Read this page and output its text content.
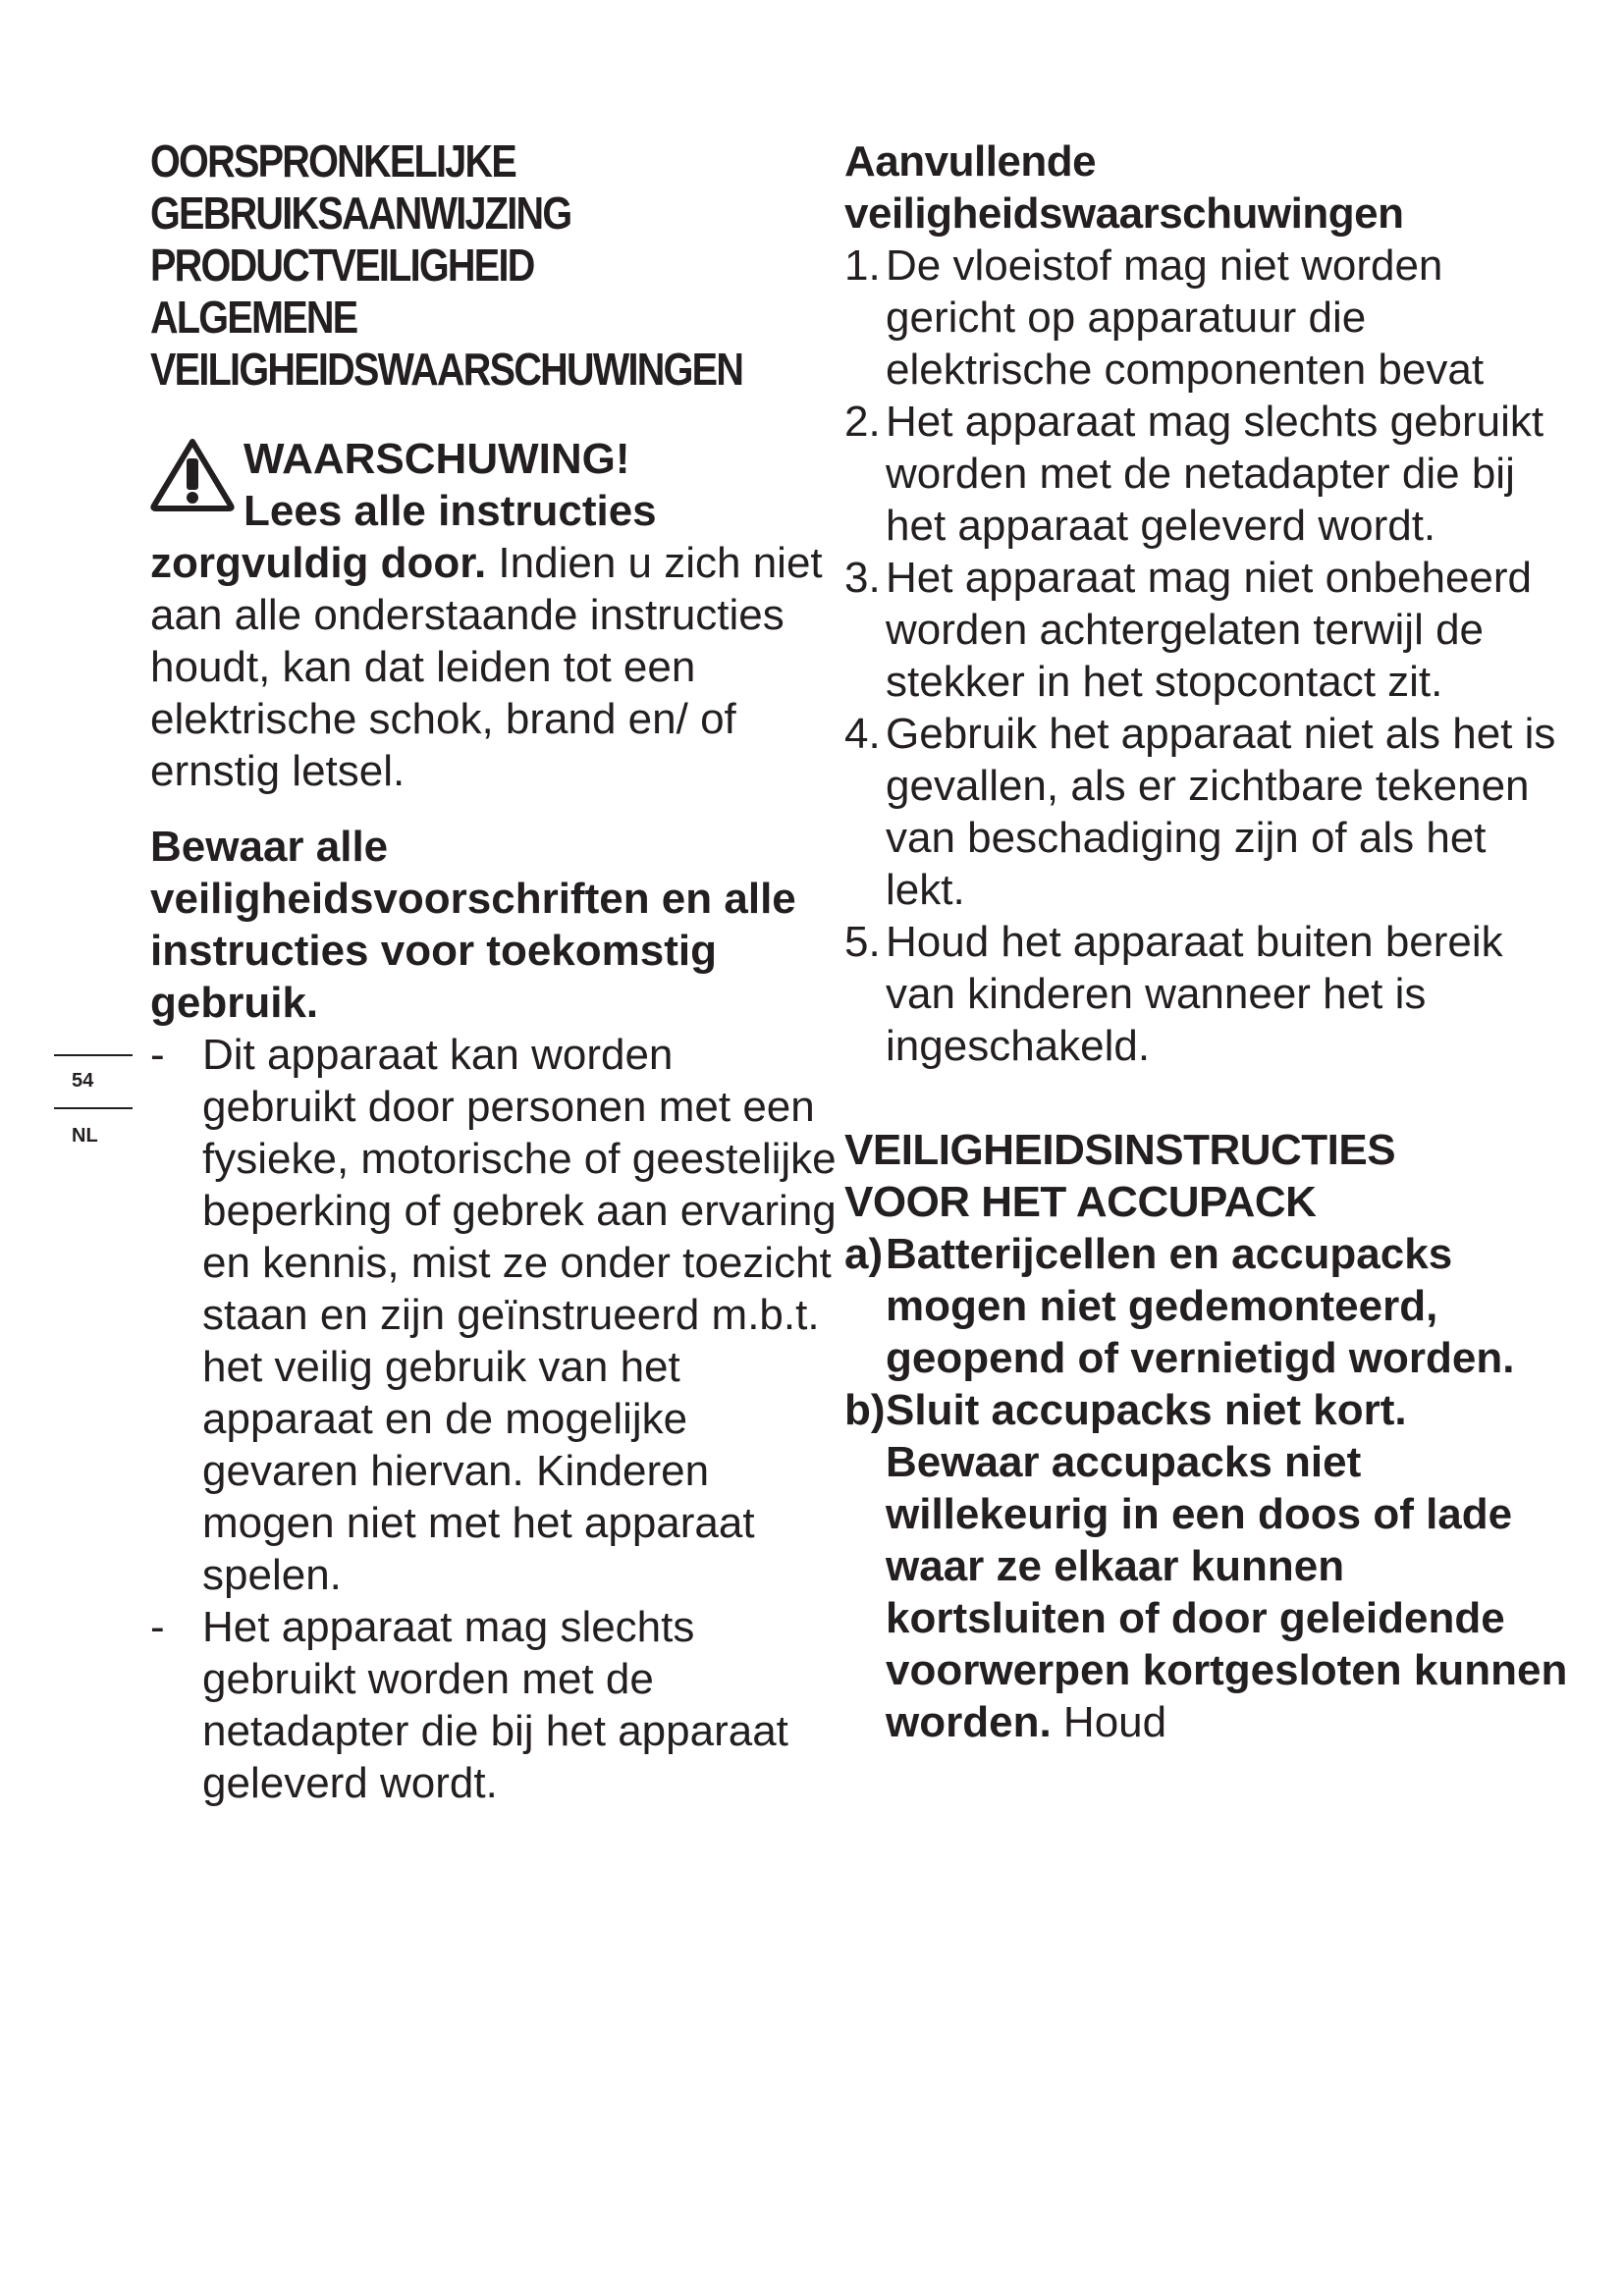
OORSPRONKELIJKE
GEBRUIKSAANWIJZING
PRODUCTVEILIGHEID
ALGEMENE
VEILIGHEIDSWAARSCHUWINGEN
WAARSCHUWING!
Lees alle instructies
zorgvuldig door. Indien u zich niet aan alle onderstaande instructies houdt, kan dat leiden tot een elektrische schok, brand en/ of ernstig letsel.
Bewaar alle veiligheidsvoorschriften en alle instructies voor toekomstig gebruik.
- Dit apparaat kan worden gebruikt door personen met een fysieke, motorische of geestelijke beperking of gebrek aan ervaring en kennis, mist ze onder toezicht staan en zijn geïnstrueerd m.b.t. het veilig gebruik van het apparaat en de mogelijke gevaren hiervan. Kinderen mogen niet met het apparaat spelen.
- Het apparaat mag slechts gebruikt worden met de netadapter die bij het apparaat geleverd wordt.
54
NL
Aanvullende veiligheidswaarschuwingen
1. De vloeistof mag niet worden gericht op apparatuur die elektrische componenten bevat
2. Het apparaat mag slechts gebruikt worden met de netadapter die bij het apparaat geleverd wordt.
3. Het apparaat mag niet onbeheerd worden achtergelaten terwijl de stekker in het stopcontact zit.
4. Gebruik het apparaat niet als het is gevallen, als er zichtbare tekenen van beschadiging zijn of als het lekt.
5. Houd het apparaat buiten bereik van kinderen wanneer het is ingeschakeld.
VEILIGHEIDSINSTRUCTIES
VOOR HET ACCUPACK
a) Batterijcellen en accupacks mogen niet gedemonteerd, geopend of vernietigd worden.
b) Sluit accupacks niet kort. Bewaar accupacks niet willekeurig in een doos of lade waar ze elkaar kunnen kortsluiten of door geleidende voorwerpen kortgesloten kunnen worden. Houd
